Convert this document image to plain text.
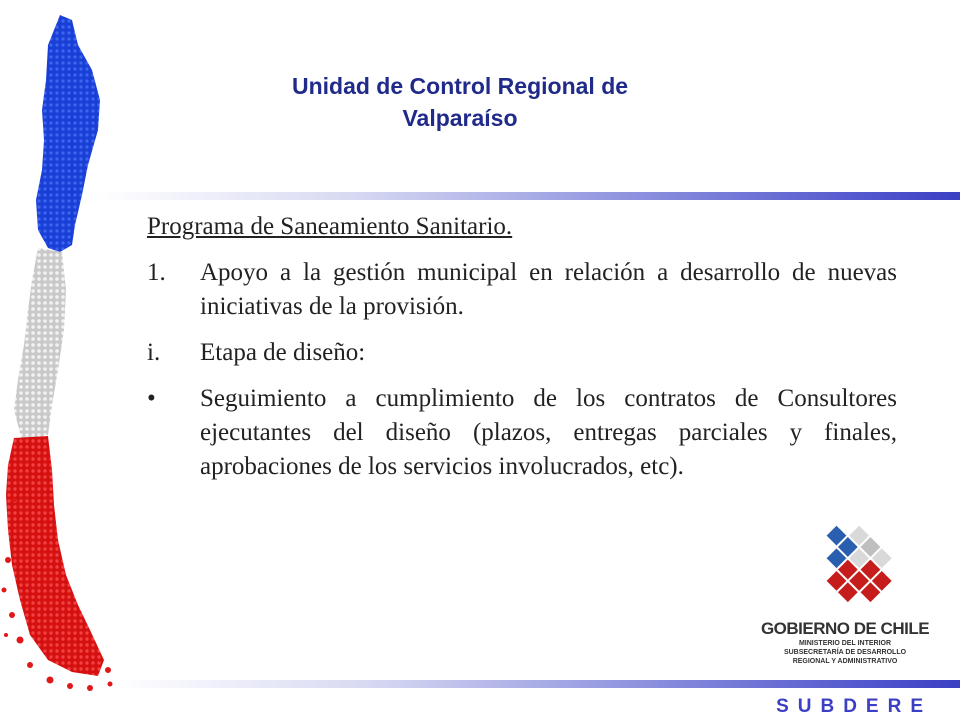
Unidad de Control Regional de
Valparaíso

Programa de Saneamiento Sanitario.

1.	Apoyo a la gestión municipal en relación a desarrollo de nuevas iniciativas de la provisión.
i.	Etapa de diseño:
•	Seguimiento a cumplimiento de los contratos de Consultores ejecutantes del diseño (plazos, entregas parciales y finales, aprobaciones de los servicios involucrados, etc).
★
GOBIERNO DE CHILE
MINISTERIO DEL INTERIOR
SUBSECRETARÍA DE DESARROLLO
REGIONAL Y ADMINISTRATIVO
SUBDERE
